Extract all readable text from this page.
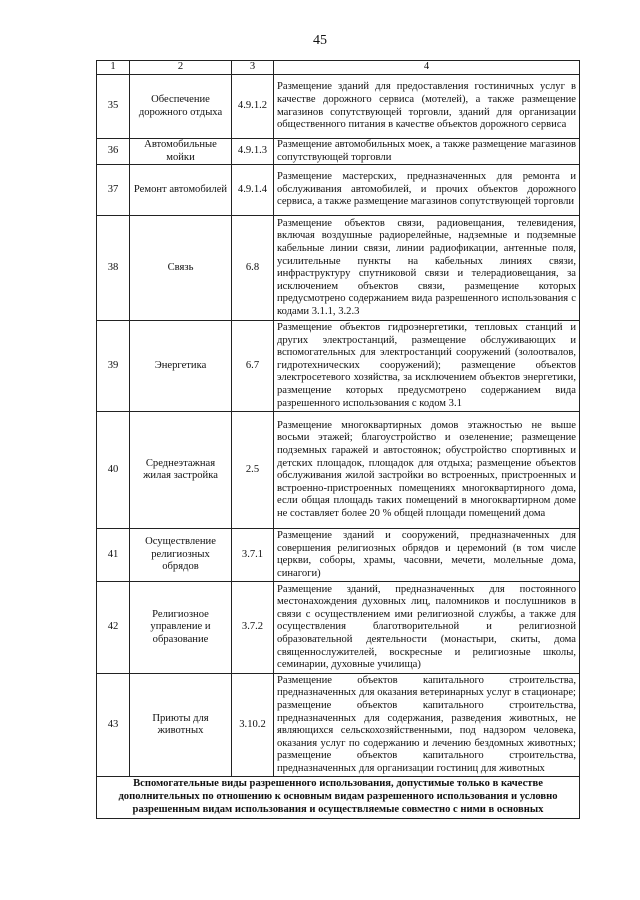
45
1	2	3	4
35	Обеспечение дорожного отдыха	4.9.1.2	Размещение зданий для предоставления гостиничных услуг в качестве дорожного сервиса (мотелей), а также размещение магазинов сопутствующей торговли, зданий для организации общественного питания в качестве объектов дорожного сервиса
36	Автомобильные мойки	4.9.1.3	Размещение автомобильных моек, а также размещение магазинов сопутствующей торговли
37	Ремонт автомобилей	4.9.1.4	Размещение мастерских, предназначенных для ремонта и обслуживания автомобилей, и прочих объектов дорожного сервиса, а также размещение магазинов сопутствующей торговли
38	Связь	6.8	Размещение объектов связи, радиовещания, телевидения, включая воздушные радиорелейные, надземные и подземные кабельные линии связи, линии радиофикации, антенные поля, усилительные пункты на кабельных линиях связи, инфраструктуру спутниковой связи и телерадиовещания, за исключением объектов связи, размещение которых предусмотрено содержанием вида разрешенного использования с кодами 3.1.1, 3.2.3
39	Энергетика	6.7	Размещение объектов гидроэнергетики, тепловых станций и других электростанций, размещение обслуживающих и вспомогательных для электростанций сооружений (золоотвалов, гидротехнических сооружений); размещение объектов электросетевого хозяйства, за исключением объектов энергетики, размещение которых предусмотрено содержанием вида разрешенного использования с кодом 3.1
40	Среднеэтажная жилая застройка	2.5	Размещение многоквартирных домов этажностью не выше восьми этажей; благоустройство и озеленение; размещение подземных гаражей и автостоянок; обустройство спортивных и детских площадок, площадок для отдыха; размещение объектов обслуживания жилой застройки во встроенных, пристроенных и встроенно-пристроенных помещениях многоквартирного дома, если общая площадь таких помещений в многоквартирном доме не составляет более 20 % общей площади помещений дома
41	Осуществление религиозных обрядов	3.7.1	Размещение зданий и сооружений, предназначенных для совершения религиозных обрядов и церемоний (в том числе церкви, соборы, храмы, часовни, мечети, молельные дома, синагоги)
42	Религиозное управление и образование	3.7.2	Размещение зданий, предназначенных для постоянного местонахождения духовных лиц, паломников и послушников в связи с осуществлением ими религиозной службы, а также для осуществления благотворительной и религиозной образовательной деятельности (монастыри, скиты, дома священнослужителей, воскресные и религиозные школы, семинарии, духовные училища)
43	Приюты для животных	3.10.2	Размещение объектов капитального строительства, предназначенных для оказания ветеринарных услуг в стационаре; размещение объектов капитального строительства, предназначенных для содержания, разведения животных, не являющихся сельскохозяйственными, под надзором человека, оказания услуг по содержанию и лечению бездомных животных; размещение объектов капитального строительства, предназначенных для организации гостиниц для животных
Вспомогательные виды разрешенного использования, допустимые только в качестве дополнительных по отношению к основным видам разрешенного использования и условно разрешенным видам использования и осуществляемые совместно с ними в основных			
